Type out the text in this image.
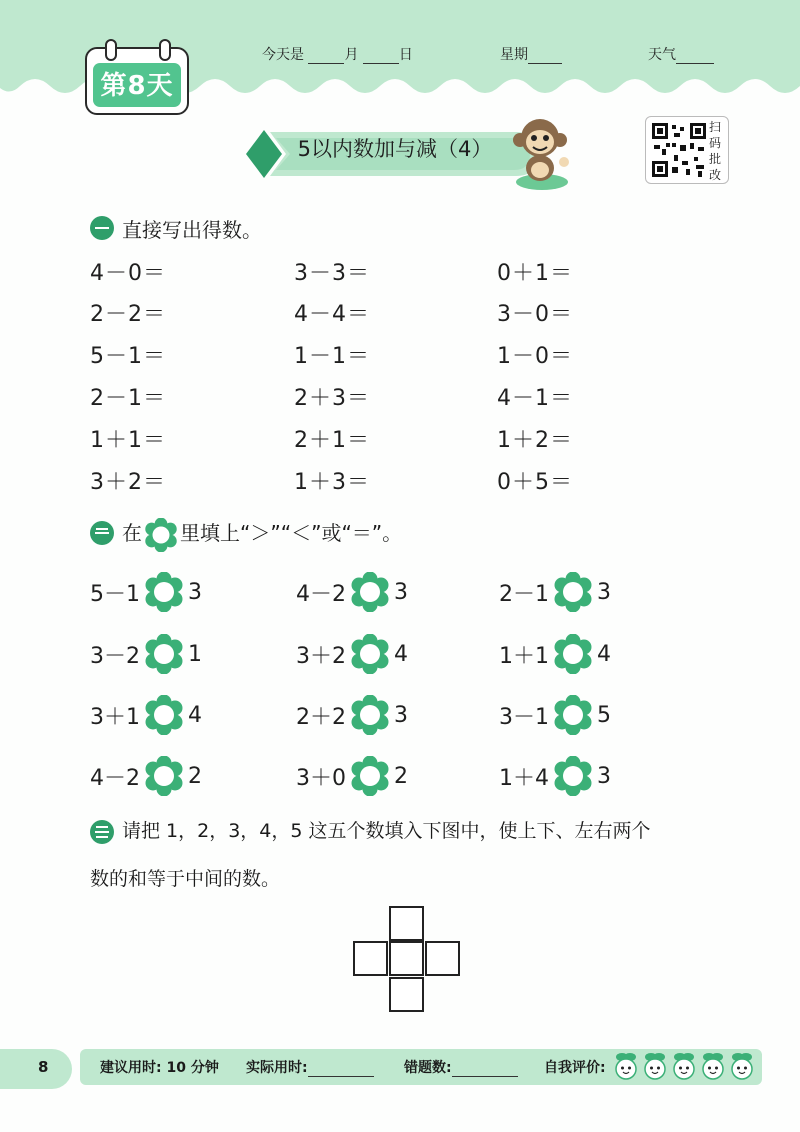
今天是	月	日	星期	天气
第8天
5以内数加与减（4）
扫
码
批
改
直接写出得数。
4－0＝	3－3＝	0＋1＝
2－2＝	4－4＝	3－0＝
5－1＝	1－1＝	1－0＝
2－1＝	2＋3＝	4－1＝
1＋1＝	2＋1＝	1＋2＝
3＋2＝	1＋3＝	0＋5＝
在 里填上“＞”“＜”或“＝”。
5－1 3	4－2 3	2－1 3
3－2 1	3＋2 4	1＋1 4
3＋1 4	2＋2 3	3－1 5
4－2 2	3＋0 2	1＋4 3
请把 1，2，3，4，5 这五个数填入下图中，使上下、左右两个
数的和等于中间的数。
8	建议用时: 10 分钟 实际用时:	错题数:	自我评价:
